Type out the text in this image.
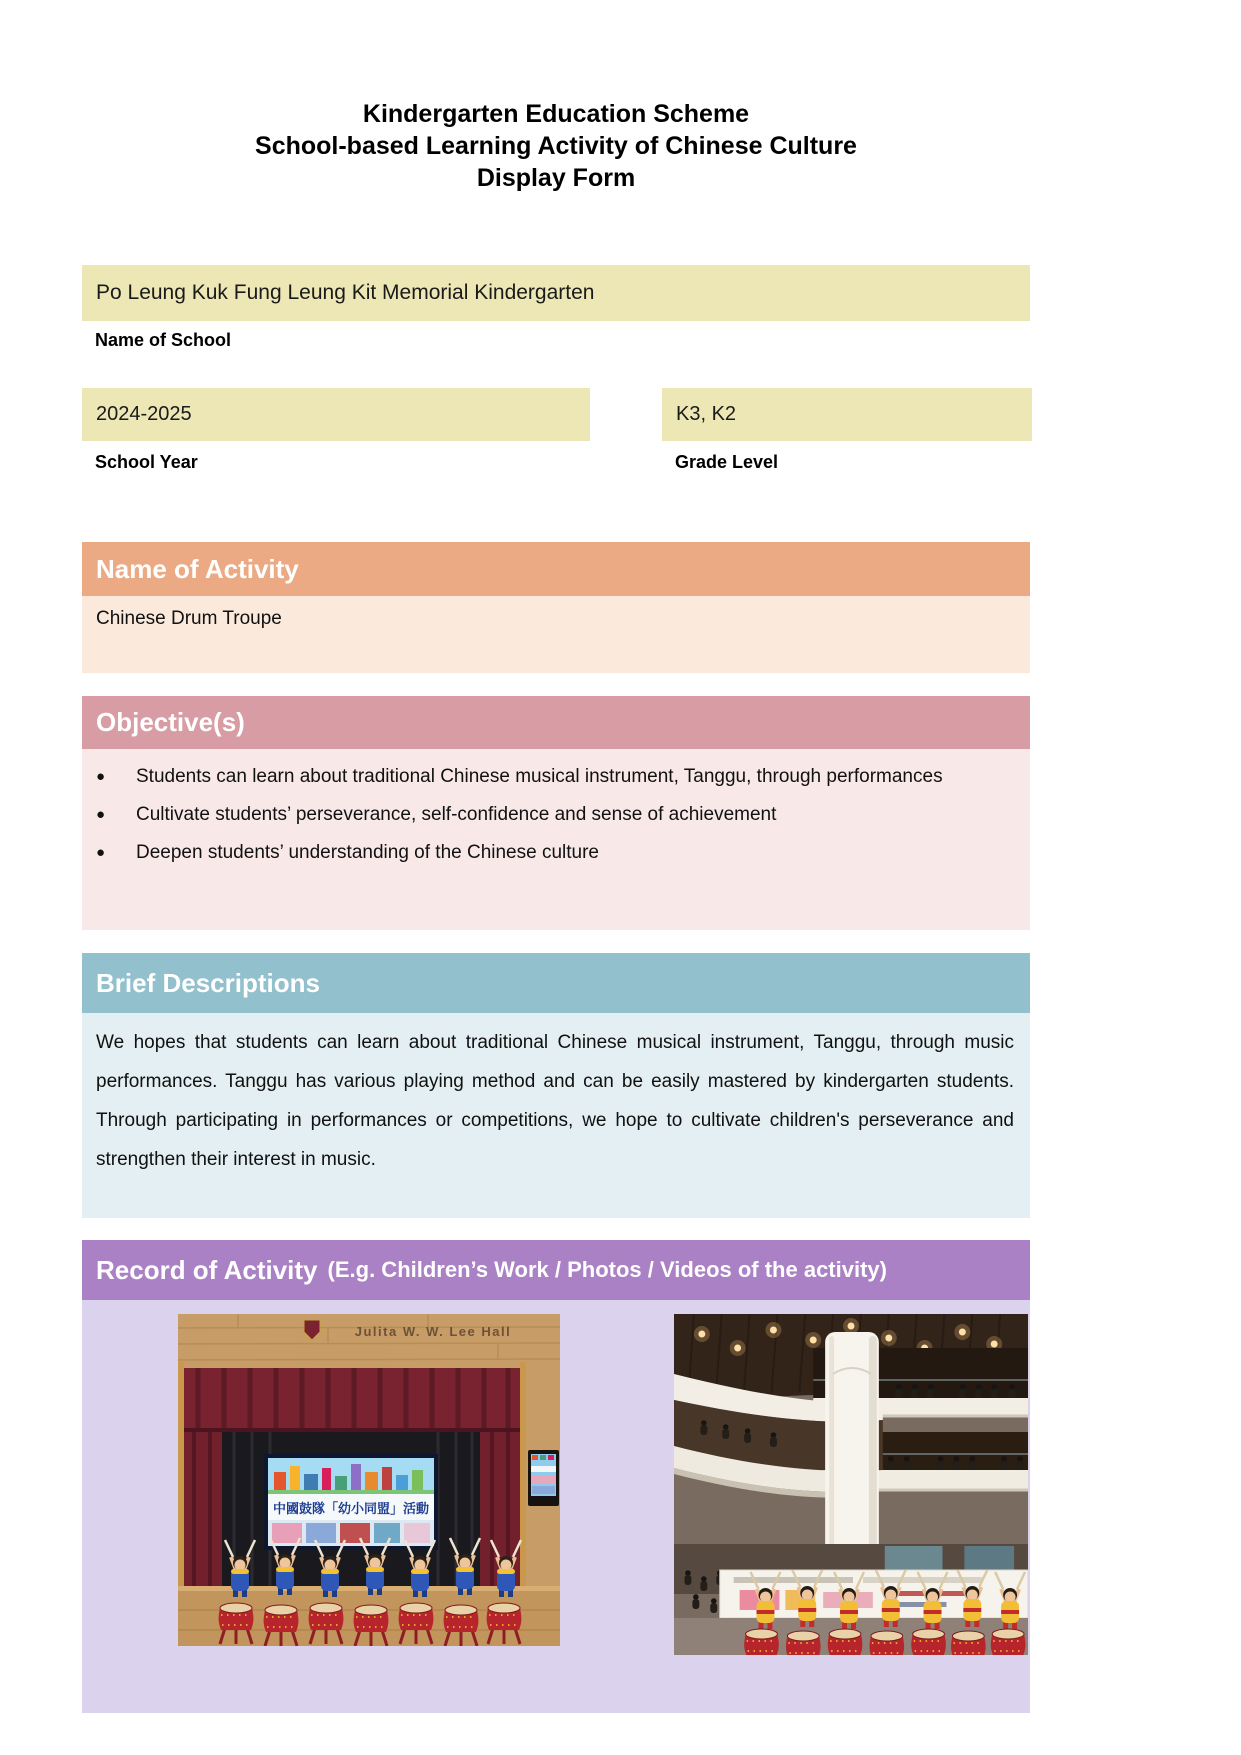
Kindergarten Education Scheme
School-based Learning Activity of Chinese Culture
Display Form
Po Leung Kuk Fung Leung Kit Memorial Kindergarten
Name of School
2024-2025	K3, K2
School Year	Grade Level
Name of Activity
Chinese Drum Troupe
Objective(s)
● Students can learn about traditional Chinese musical instrument, Tanggu, through performances
● Cultivate students’ perseverance, self-confidence and sense of achievement
● Deepen students’ understanding of the Chinese culture
Brief Descriptions
We hopes that students can learn about traditional Chinese musical instrument, Tanggu, through music performances. Tanggu has various playing method and can be easily mastered by kindergarten students. Through participating in performances or competitions, we hope to cultivate children's perseverance and strengthen their interest in music.
Record of Activity (E.g. Children’s Work / Photos / Videos of the activity)
Julita W. W. Lee Hall
中國鼓隊「幼小同盟」活動
